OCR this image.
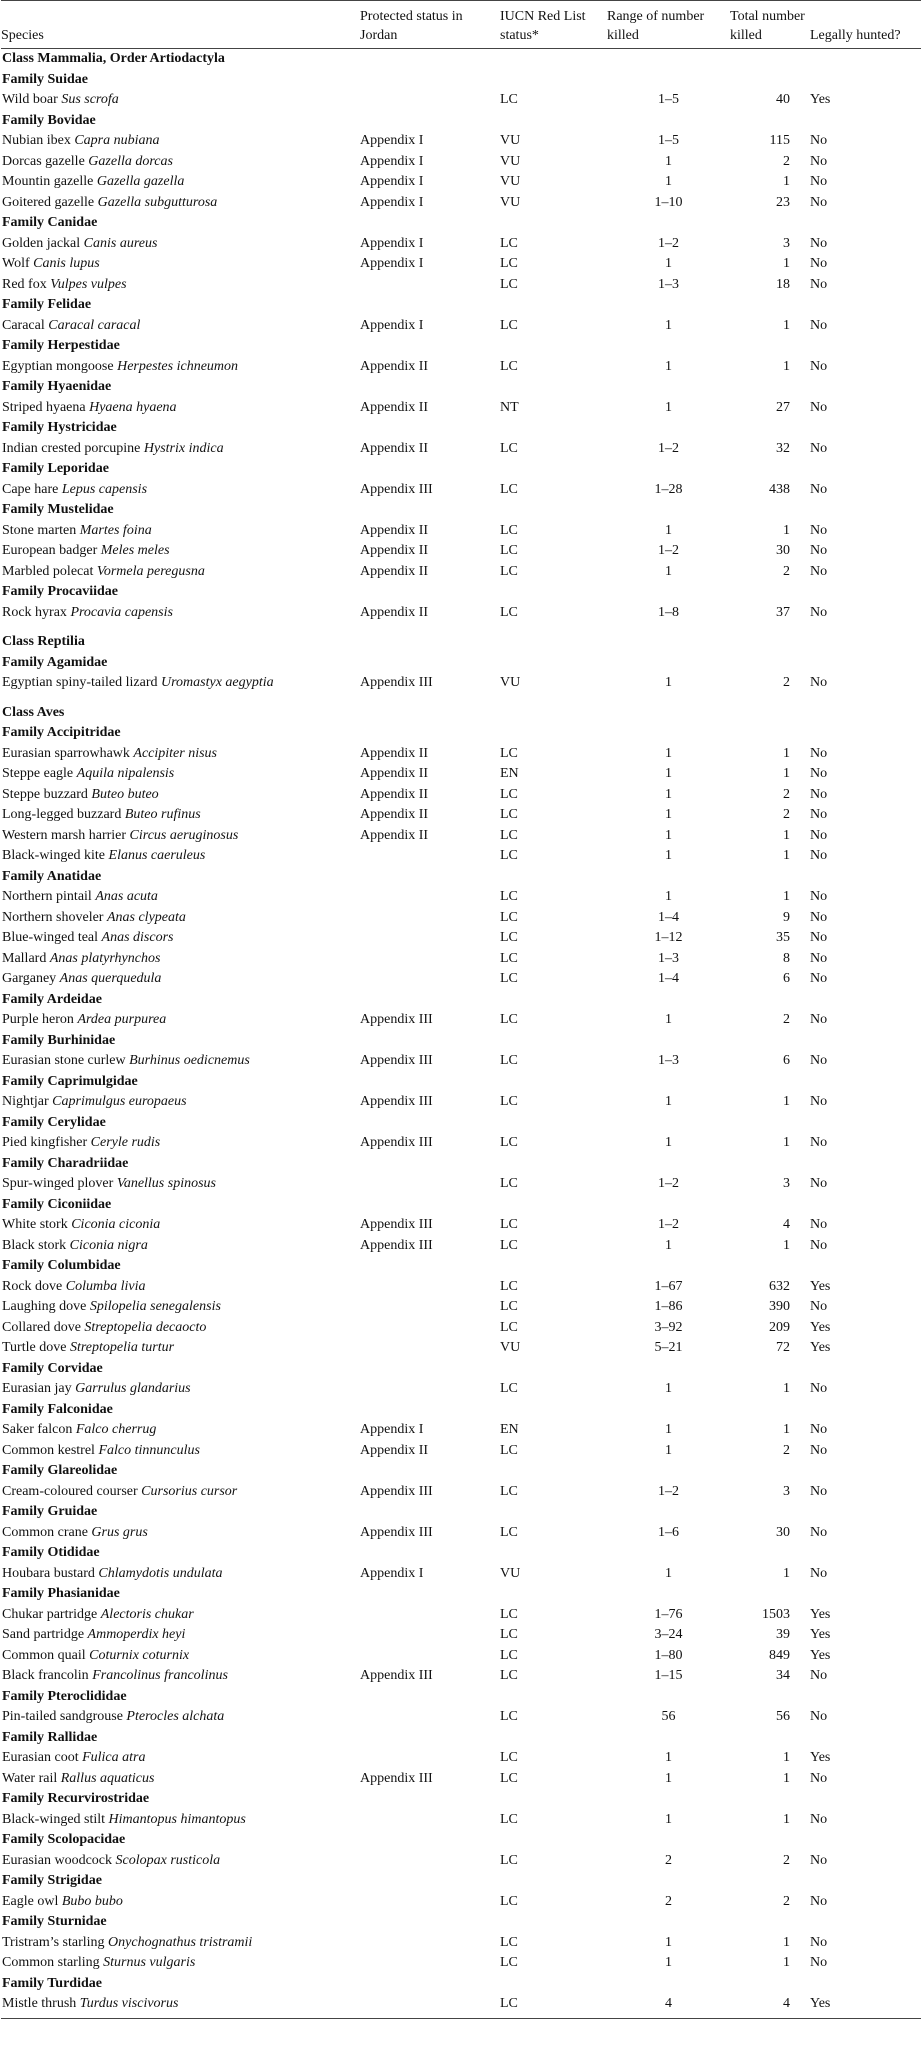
Species	Protected status in Jordan	IUCN Red List status*	Range of number killed	Total number killed	Legally hunted?
Class Mammalia, Order Artiodactyla					
Family Suidae					
Wild boar Sus scrofa		LC	1–5	40	Yes
Family Bovidae					
Nubian ibex Capra nubiana	Appendix I	VU	1–5	115	No
Dorcas gazelle Gazella dorcas	Appendix I	VU	1	2	No
Mountin gazelle Gazella gazella	Appendix I	VU	1	1	No
Goitered gazelle Gazella subgutturosa	Appendix I	VU	1–10	23	No
Family Canidae					
Golden jackal Canis aureus	Appendix I	LC	1–2	3	No
Wolf Canis lupus	Appendix I	LC	1	1	No
Red fox Vulpes vulpes		LC	1–3	18	No
Family Felidae					
Caracal Caracal caracal	Appendix I	LC	1	1	No
Family Herpestidae					
Egyptian mongoose Herpestes ichneumon	Appendix II	LC	1	1	No
Family Hyaenidae					
Striped hyaena Hyaena hyaena	Appendix II	NT	1	27	No
Family Hystricidae					
Indian crested porcupine Hystrix indica	Appendix II	LC	1–2	32	No
Family Leporidae					
Cape hare Lepus capensis	Appendix III	LC	1–28	438	No
Family Mustelidae					
Stone marten Martes foina	Appendix II	LC	1	1	No
European badger Meles meles	Appendix II	LC	1–2	30	No
Marbled polecat Vormela peregusna	Appendix II	LC	1	2	No
Family Procaviidae					
Rock hyrax Procavia capensis	Appendix II	LC	1–8	37	No
Class Reptilia					
Family Agamidae					
Egyptian spiny-tailed lizard Uromastyx aegyptia	Appendix III	VU	1	2	No
Class Aves					
Family Accipitridae					
Eurasian sparrowhawk Accipiter nisus	Appendix II	LC	1	1	No
Steppe eagle Aquila nipalensis	Appendix II	EN	1	1	No
Steppe buzzard Buteo buteo	Appendix II	LC	1	2	No
Long-legged buzzard Buteo rufinus	Appendix II	LC	1	2	No
Western marsh harrier Circus aeruginosus	Appendix II	LC	1	1	No
Black-winged kite Elanus caeruleus		LC	1	1	No
Family Anatidae					
Northern pintail Anas acuta		LC	1	1	No
Northern shoveler Anas clypeata		LC	1–4	9	No
Blue-winged teal Anas discors		LC	1–12	35	No
Mallard Anas platyrhynchos		LC	1–3	8	No
Garganey Anas querquedula		LC	1–4	6	No
Family Ardeidae					
Purple heron Ardea purpurea	Appendix III	LC	1	2	No
Family Burhinidae					
Eurasian stone curlew Burhinus oedicnemus	Appendix III	LC	1–3	6	No
Family Caprimulgidae					
Nightjar Caprimulgus europaeus	Appendix III	LC	1	1	No
Family Cerylidae					
Pied kingfisher Ceryle rudis	Appendix III	LC	1	1	No
Family Charadriidae					
Spur-winged plover Vanellus spinosus		LC	1–2	3	No
Family Ciconiidae					
White stork Ciconia ciconia	Appendix III	LC	1–2	4	No
Black stork Ciconia nigra	Appendix III	LC	1	1	No
Family Columbidae					
Rock dove Columba livia		LC	1–67	632	Yes
Laughing dove Spilopelia senegalensis		LC	1–86	390	No
Collared dove Streptopelia decaocto		LC	3–92	209	Yes
Turtle dove Streptopelia turtur		VU	5–21	72	Yes
Family Corvidae					
Eurasian jay Garrulus glandarius		LC	1	1	No
Family Falconidae					
Saker falcon Falco cherrug	Appendix I	EN	1	1	No
Common kestrel Falco tinnunculus	Appendix II	LC	1	2	No
Family Glareolidae					
Cream-coloured courser Cursorius cursor	Appendix III	LC	1–2	3	No
Family Gruidae					
Common crane Grus grus	Appendix III	LC	1–6	30	No
Family Otididae					
Houbara bustard Chlamydotis undulata	Appendix I	VU	1	1	No
Family Phasianidae					
Chukar partridge Alectoris chukar		LC	1–76	1503	Yes
Sand partridge Ammoperdix heyi		LC	3–24	39	Yes
Common quail Coturnix coturnix		LC	1–80	849	Yes
Black francolin Francolinus francolinus	Appendix III	LC	1–15	34	No
Family Pteroclididae					
Pin-tailed sandgrouse Pterocles alchata		LC	56	56	No
Family Rallidae					
Eurasian coot Fulica atra		LC	1	1	Yes
Water rail Rallus aquaticus	Appendix III	LC	1	1	No
Family Recurvirostridae					
Black-winged stilt Himantopus himantopus		LC	1	1	No
Family Scolopacidae					
Eurasian woodcock Scolopax rusticola		LC	2	2	No
Family Strigidae					
Eagle owl Bubo bubo		LC	2	2	No
Family Sturnidae					
Tristram’s starling Onychognathus tristramii		LC	1	1	No
Common starling Sturnus vulgaris		LC	1	1	No
Family Turdidae					
Mistle thrush Turdus viscivorus		LC	4	4	Yes
